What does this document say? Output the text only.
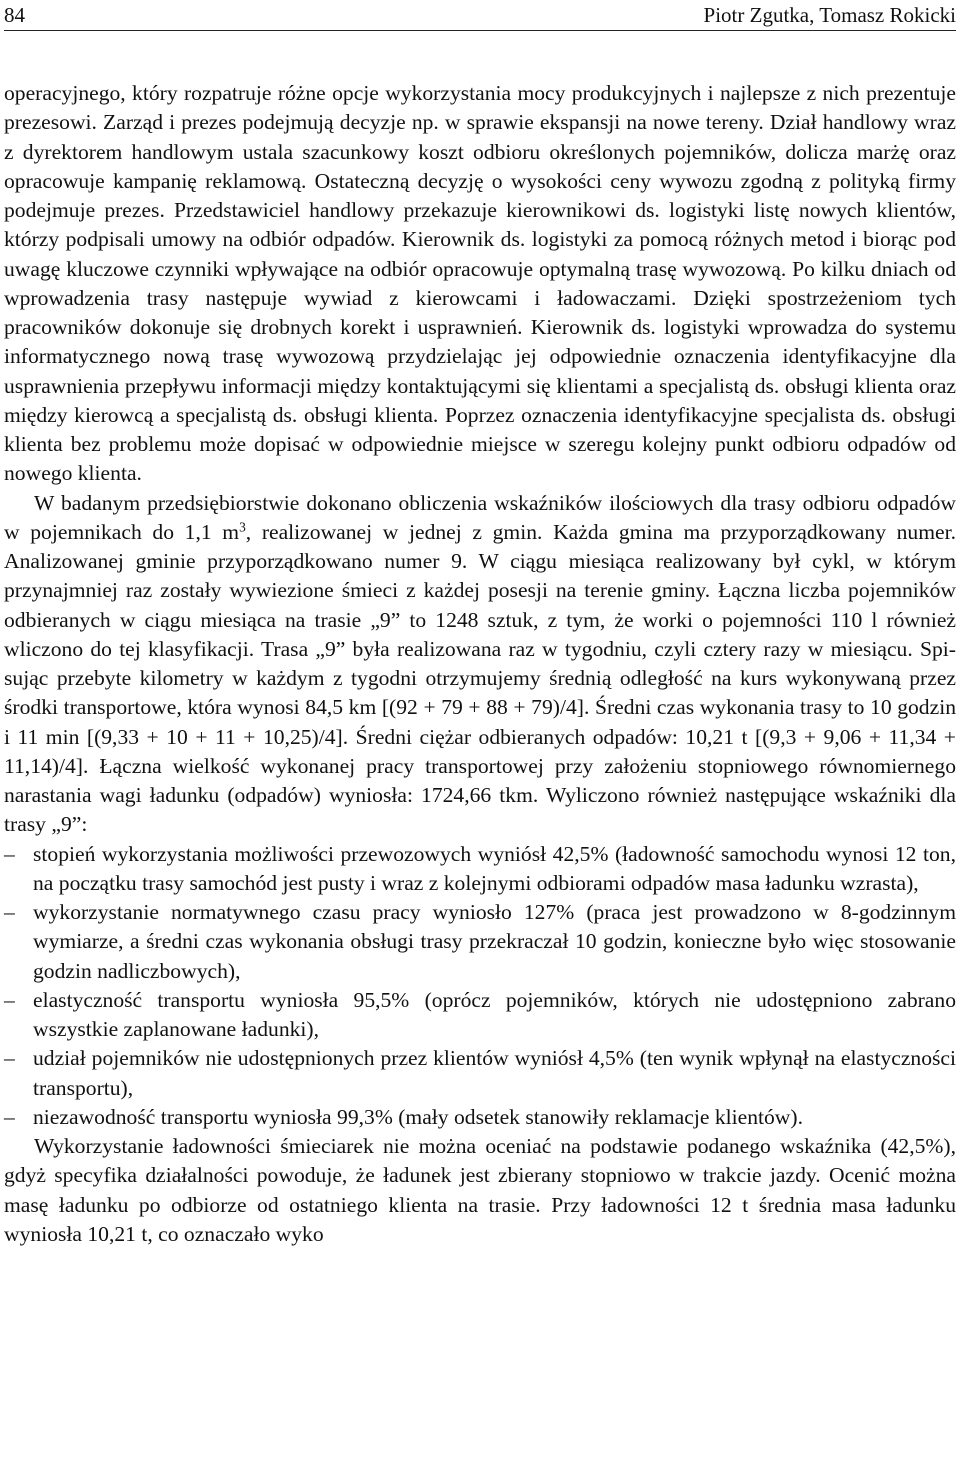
84	Piotr Zgutka, Tomasz Rokicki

operacyjnego, który rozpatruje różne opcje wykorzystania mocy produkcyjnych i najlepsze z nich prezentuje prezesowi. Zarząd i prezes podejmują decyzje np. w sprawie ekspansji na nowe tereny. Dział handlowy wraz z dyrektorem handlowym ustala szacunkowy koszt odbioru określonych pojemników, dolicza marżę oraz opracowuje kampanię reklamową. Ostateczną decyzję o wysokości ceny wywozu zgodną z polityką firmy podejmuje prezes. Przedstawiciel handlowy przekazuje kierownikowi ds. logistyki listę nowych klientów, którzy podpisali umowy na odbiór odpadów. Kierownik ds. logistyki za pomocą różnych metod i biorąc pod uwagę kluczowe czynniki wpływające na odbiór opracowuje optymalną trasę wywozową. Po kilku dniach od wprowadzenia trasy następuje wywiad z kierowcami i ładowaczami. Dzięki spostrzeżeniom tych pracowników dokonuje się drobnych korekt i usprawnień. Kierownik ds. logistyki wprowadza do systemu informatycznego nową trasę wywozową przydzielając jej odpowiednie oznaczenia identyfikacyjne dla usprawnienia przepływu informacji między kontaktującymi się klientami a specjalistą ds. obsługi klienta oraz między kierowcą a specjalistą ds. obsługi klienta. Poprzez oznaczenia identyfikacyjne specjalista ds. obsługi klienta bez problemu może dopisać w odpowiednie miejsce w szeregu kolejny punkt odbioru odpadów od nowego klienta.

W badanym przedsiębiorstwie dokonano obliczenia wskaźników ilościowych dla trasy odbioru odpadów w pojemnikach do 1,1 $m^3$, realizowanej w jednej z gmin. Każda gmina ma przyporządkowany numer. Analizowanej gminie przyporządkowano numer 9. W ciągu miesiąca realizowany był cykl, w którym przynajmniej raz zostały wywiezione śmieci z każdej posesji na terenie gminy. Łączna liczba pojemników odbieranych w ciągu miesiąca na trasie „9” to 1248 sztuk, z tym, że worki o pojemności 110 l również wliczono do tej klasyfikacji. Trasa „9” była realizowana raz w tygodniu, czyli cztery razy w miesiącu. Spisując przebyte kilometry w każdym z tygodni otrzymujemy średnią odległość na kurs wykonywaną przez środki transportowe, która wynosi 84,5 km [(92 + 79 + 88 + 79)/4]. Średni czas wykonania trasy to 10 godzin i 11 min [(9,33 + 10 + 11 + 10,25)/4]. Średni ciężar odbieranych odpadów: 10,21 t [(9,3 + 9,06 + 11,34 + 11,14)/4]. Łączna wielkość wykonanej pracy transportowej przy założeniu stopniowego równomiernego narastania wagi ładunku (odpadów) wyniosła: 1724,66 tkm. Wyliczono również następujące wskaźniki dla trasy „9”:

– stopień wykorzystania możliwości przewozowych wyniósł 42,5% (ładowność samochodu wynosi 12 ton, na początku trasy samochód jest pusty i wraz z kolejnymi odbiorami odpadów masa ładunku wzrasta),
– wykorzystanie normatywnego czasu pracy wyniosło 127% (praca jest prowadzono w 8-godzinnym wymiarze, a średni czas wykonania obsługi trasy przekraczał 10 godzin, konieczne było więc stosowanie godzin nadliczbowych),
– elastyczność transportu wyniosła 95,5% (oprócz pojemników, których nie udostępniono zabrano wszystkie zaplanowane ładunki),
– udział pojemników nie udostępnionych przez klientów wyniósł 4,5% (ten wynik wpłynął na elastyczności transportu),
– niezawodność transportu wyniosła 99,3% (mały odsetek stanowiły reklamacje klientów).

Wykorzystanie ładowności śmieciarek nie można oceniać na podstawie podanego wskaźnika (42,5%), gdyż specyfika działalności powoduje, że ładunek jest zbierany stopniowo w trakcie jazdy. Ocenić można masę ładunku po odbiorze od ostatniego klienta na trasie. Przy ładowności 12 t średnia masa ładunku wyniosła 10,21 t, co oznaczało wyko
